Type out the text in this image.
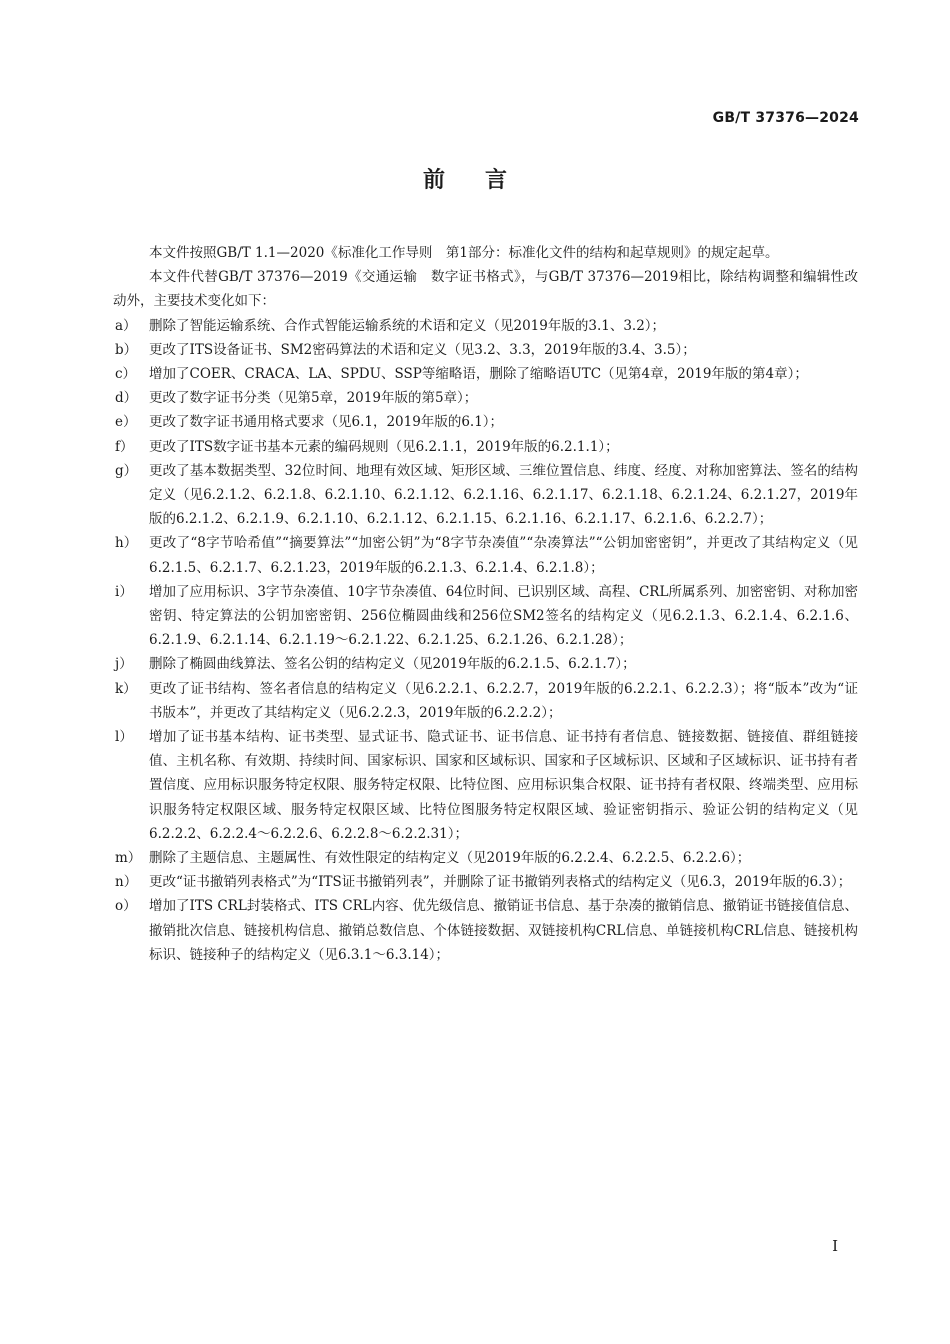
GB/T 37376—2024
前言

本文件按照GB/T 1.1—2020《标准化工作导则　第1部分：标准化文件的结构和起草规则》的规定起草。

本文件代替GB/T 37376—2019《交通运输　数字证书格式》，与GB/T 37376—2019相比，除结构调整和编辑性改动外，主要技术变化如下：

a） 删除了智能运输系统、合作式智能运输系统的术语和定义（见2019年版的3.1、3.2）；
b） 更改了ITS设备证书、SM2密码算法的术语和定义（见3.2、3.3，2019年版的3.4、3.5）；
c） 增加了COER、CRACA、LA、SPDU、SSP等缩略语，删除了缩略语UTC（见第4章，2019年版的第4章）；
d） 更改了数字证书分类（见第5章，2019年版的第5章）；
e） 更改了数字证书通用格式要求（见6.1，2019年版的6.1）；
f）	更改了ITS数字证书基本元素的编码规则（见6.2.1.1，2019年版的6.2.1.1）；
g） 更改了基本数据类型、32位时间、地理有效区域、矩形区域、三维位置信息、纬度、经度、对称加密算法、签名的结构定义（见6.2.1.2、6.2.1.8、6.2.1.10、6.2.1.12、6.2.1.16、6.2.1.17、6.2.1.18、6.2.1.24、6.2.1.27，2019年版的6.2.1.2、6.2.1.9、6.2.1.10、6.2.1.12、6.2.1.15、6.2.1.16、6.2.1.17、6.2.1.6、6.2.2.7）；
h） 更改了“8字节哈希值”“摘要算法”“加密公钥”为“8字节杂凑值”“杂凑算法”“公钥加密密钥”，并更改了其结构定义（见6.2.1.5、6.2.1.7、6.2.1.23，2019年版的6.2.1.3、6.2.1.4、6.2.1.8）；
i）	增加了应用标识、3字节杂凑值、10字节杂凑值、64位时间、已识别区域、高程、CRL所属系列、加密密钥、对称加密密钥、特定算法的公钥加密密钥、256位椭圆曲线和256位SM2签名的结构定义（见6.2.1.3、6.2.1.4、6.2.1.6、6.2.1.9、6.2.1.14、6.2.1.19～6.2.1.22、6.2.1.25、6.2.1.26、6.2.1.28）；
j）	删除了椭圆曲线算法、签名公钥的结构定义（见2019年版的6.2.1.5、6.2.1.7）；
k） 更改了证书结构、签名者信息的结构定义（见6.2.2.1、6.2.2.7，2019年版的6.2.2.1、6.2.2.3）；将“版本”改为“证书版本”，并更改了其结构定义（见6.2.2.3，2019年版的6.2.2.2）；
l）	增加了证书基本结构、证书类型、显式证书、隐式证书、证书信息、证书持有者信息、链接数据、链接值、群组链接值、主机名称、有效期、持续时间、国家标识、国家和区域标识、国家和子区域标识、区域和子区域标识、证书持有者置信度、应用标识服务特定权限、服务特定权限、比特位图、应用标识集合权限、证书持有者权限、终端类型、应用标识服务特定权限区域、服务特定权限区域、比特位图服务特定权限区域、验证密钥指示、验证公钥的结构定义（见6.2.2.2、6.2.2.4～6.2.2.6、6.2.2.8～6.2.2.31）；
m） 删除了主题信息、主题属性、有效性限定的结构定义（见2019年版的6.2.2.4、6.2.2.5、6.2.2.6）；
n） 更改“证书撤销列表格式”为“ITS证书撤销列表”，并删除了证书撤销列表格式的结构定义（见6.3，2019年版的6.3）；
o） 增加了ITS CRL封装格式、ITS CRL内容、优先级信息、撤销证书信息、基于杂凑的撤销信息、撤销证书链接值信息、撤销批次信息、链接机构信息、撤销总数信息、个体链接数据、双链接机构CRL信息、单链接机构CRL信息、链接机构标识、链接种子的结构定义（见6.3.1～6.3.14）；
I
